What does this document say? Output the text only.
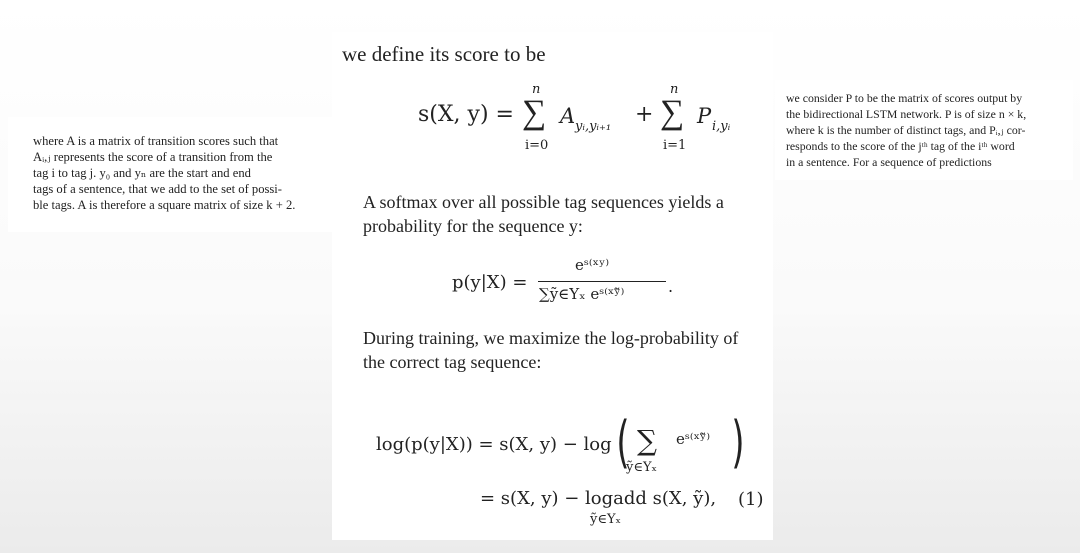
where A is a matrix of transition scores such that
Aᵢ,ⱼ represents the score of a transition from the
tag i to tag j. y₀ and yₙ are the start and end
tags of a sentence, that we add to the set of possi-
ble tags. A is therefore a square matrix of size k + 2.
we consider P to be the matrix of scores output by
the bidirectional LSTM network. P is of size n × k,
where k is the number of distinct tags, and Pᵢ,ⱼ cor-
responds to the score of the jᵗʰ tag of the iᵗʰ word
in a sentence. For a sequence of predictions
we define its score to be
s(X, y) =
n
∑
i=0
A yᵢ,yᵢ₊₁ +
n
∑
i=1
P i,yᵢ
A softmax over all possible tag sequences yields a
probability for the sequence y:
p(y|X) =
eˢ⁽ˣʸ⁾
∑ỹ∈Yₓ eˢ⁽ˣʸ̃⁾	.
During training, we maximize the log-probability of
the correct tag sequence:
log(p(y|X)) = s(X, y) − log ( ∑ eˢ⁽ˣʸ̃⁾ )
ỹ∈Yₓ
= s(X, y) − logadd s(X, ỹ),
ỹ∈Yₓ
(1)
